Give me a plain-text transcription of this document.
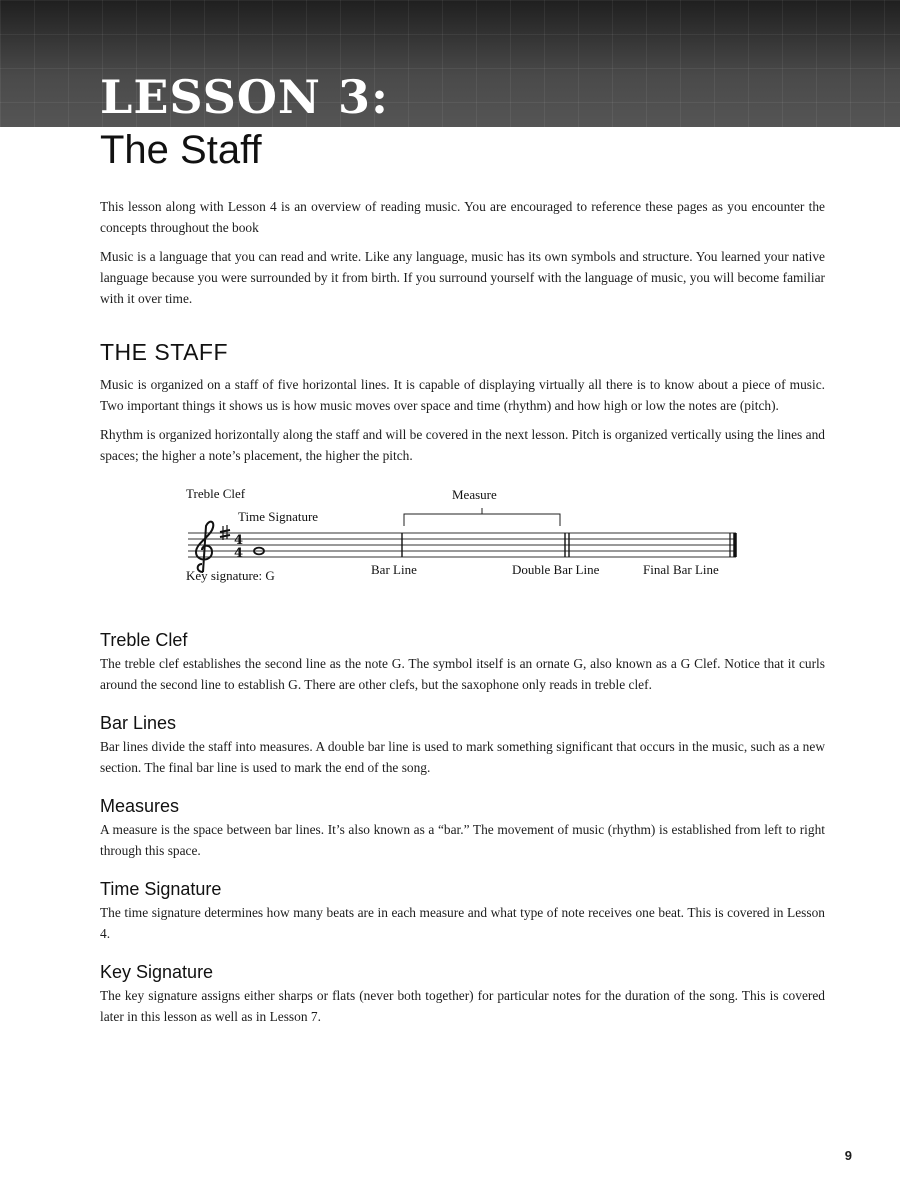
LESSON 3:
The Staff

This lesson along with Lesson 4 is an overview of reading music. You are encouraged to reference these pages as you encounter the concepts throughout the book

Music is a language that you can read and write. Like any language, music has its own symbols and structure. You learned your native language because you were surrounded by it from birth. If you surround yourself with the language of music, you will become familiar with it over time.

THE STAFF

Music is organized on a staff of five horizontal lines. It is capable of displaying virtually all there is to know about a piece of music. Two important things it shows us is how music moves over space and time (rhythm) and how high or low the notes are (pitch).

Rhythm is organized horizontally along the staff and will be covered in the next lesson. Pitch is organized vertically using the lines and spaces; the higher a note’s placement, the higher the pitch.

Treble Clef
Time Signature
Measure
4
4
Key signature: G	Bar Line	Double Bar Line	Final Bar Line
Treble Clef

The treble clef establishes the second line as the note G. The symbol itself is an ornate G, also known as a G Clef. Notice that it curls around the second line to establish G. There are other clefs, but the saxophone only reads in treble clef.

Bar Lines

Bar lines divide the staff into measures. A double bar line is used to mark something significant that occurs in the music, such as a new section. The final bar line is used to mark the end of the song.

Measures

A measure is the space between bar lines. It’s also known as a “bar.” The movement of music (rhythm) is established from left to right through this space.

Time Signature

The time signature determines how many beats are in each measure and what type of note receives one beat. This is covered in Lesson 4.

Key Signature

The key signature assigns either sharps or flats (never both together) for particular notes for the duration of the song. This is covered later in this lesson as well as in Lesson 7.

9
